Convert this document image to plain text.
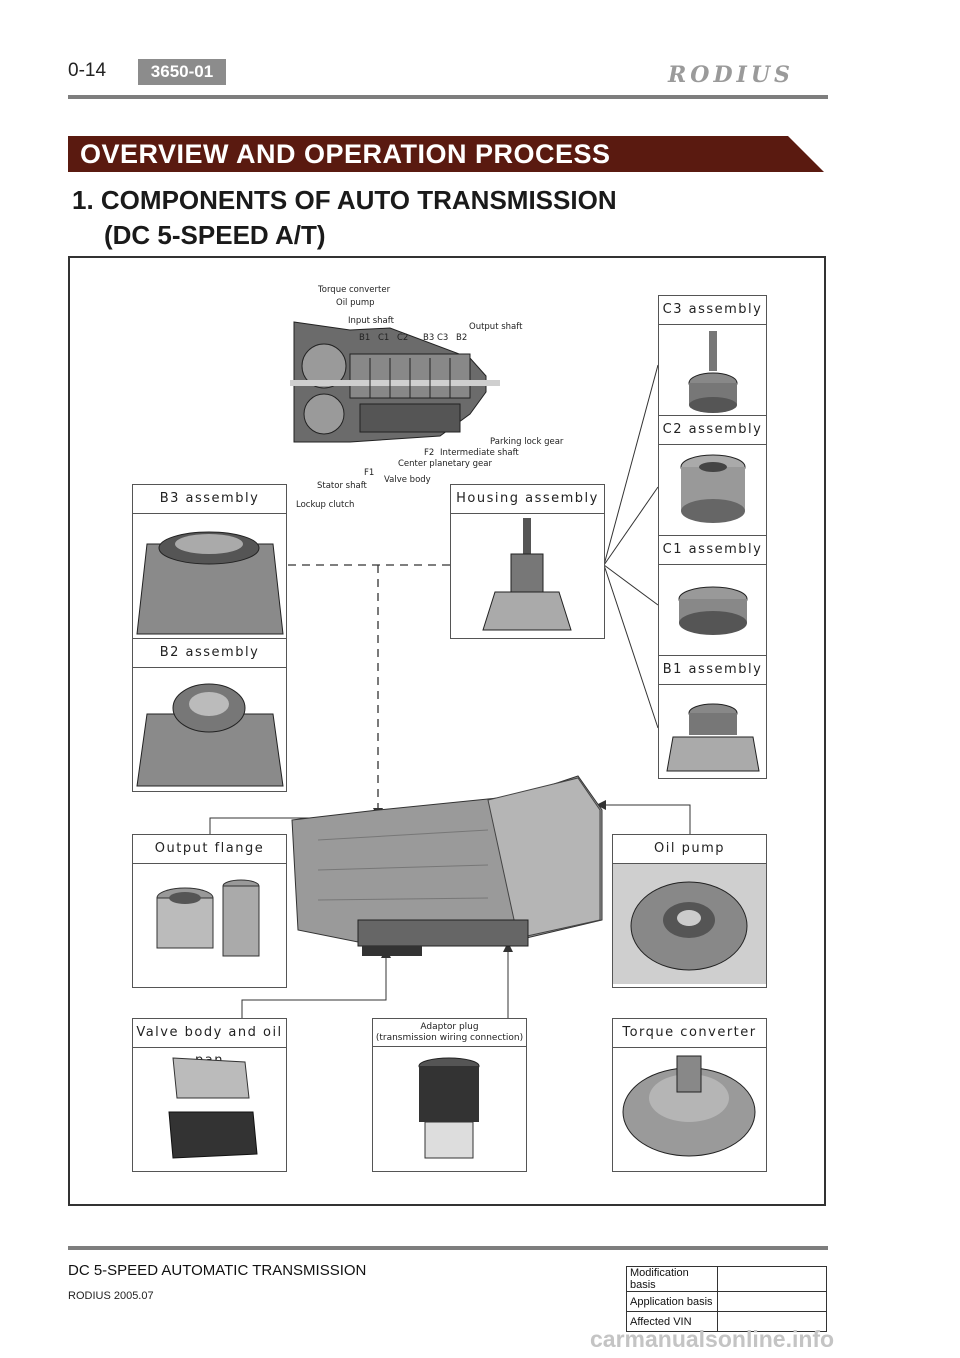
0-14	3650-01	RODIUS
OVERVIEW AND OPERATION PROCESS
1. COMPONENTS OF AUTO TRANSMISSION
(DC 5-SPEED A/T)
Torque converter
Oil pump
Input shaft
B1 C1 C2 B3 C3 B2
Output shaft
Parking lock gear
F2 Intermediate shaft
Center planetary gear
F1
Valve body
Stator shaft
Lockup clutch
C3 assembly
C2 assembly
C1 assembly
B1 assembly
B3 assembly
B2 assembly
Housing assembly
Output flange	Oil pump
Valve body and oil	Adaptor plug
(transmission wiring connection)	Torque converter
DC 5-SPEED AUTOMATIC TRANSMISSION
RODIUS 2005.07
Modification basis	
Application basis	
Affected VIN	
carmanualsonline.info
